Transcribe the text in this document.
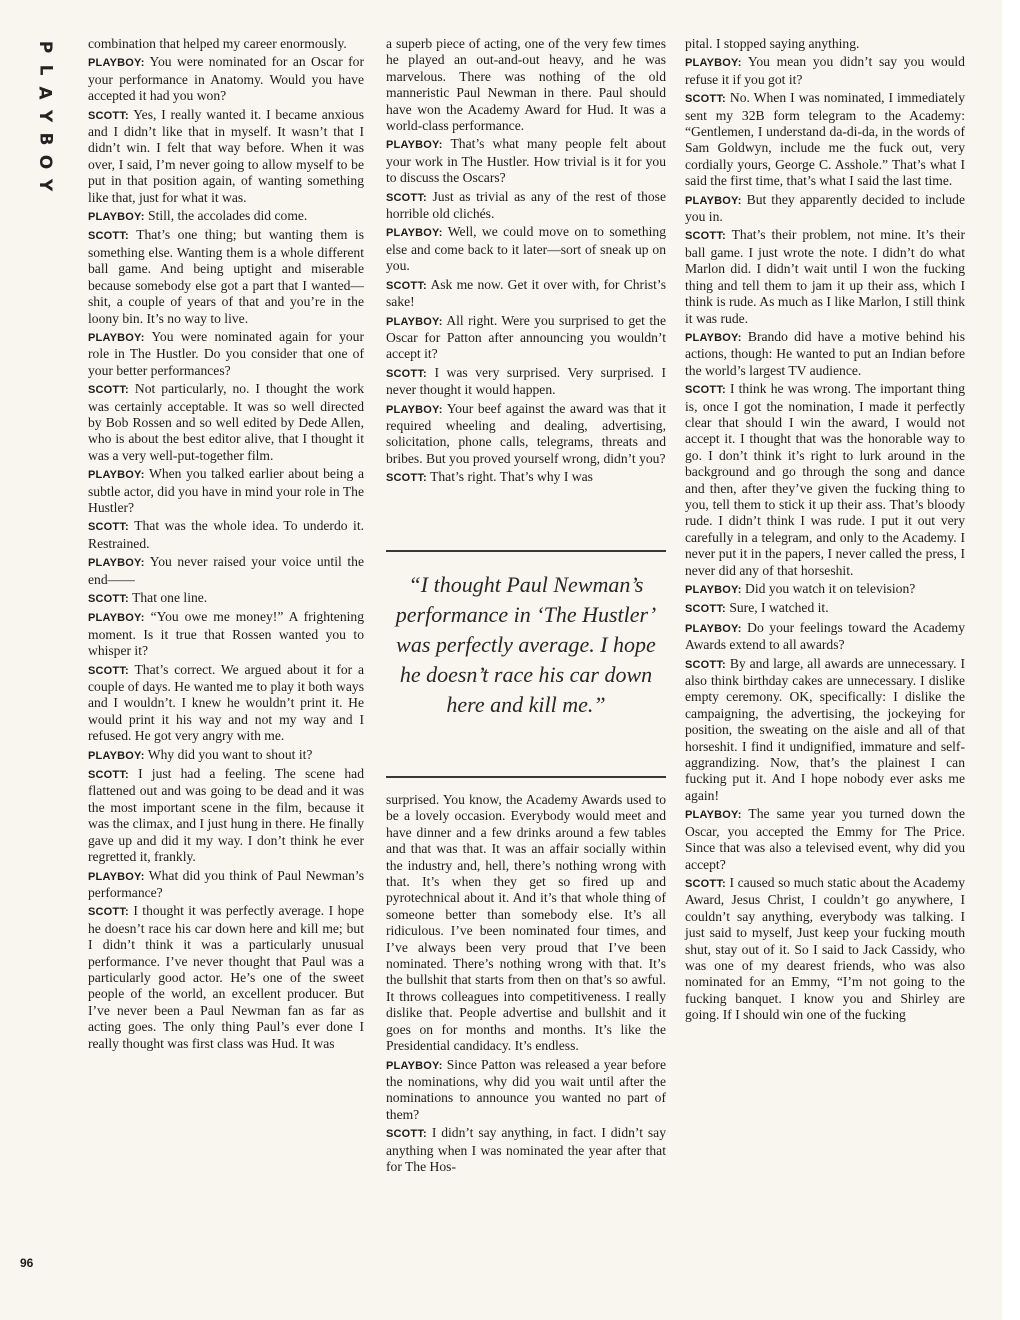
P
L
A
Y
B
O
Y
96

combination that helped my career enormously.

PLAYBOY: You were nominated for an Oscar for your performance in Anatomy. Would you have accepted it had you won?

SCOTT: Yes, I really wanted it. I became anxious and I didn’t like that in myself. It wasn’t that I didn’t win. I felt that way before. When it was over, I said, I’m never going to allow myself to be put in that position again, of wanting something like that, just for what it was.

PLAYBOY: Still, the accolades did come.

SCOTT: That’s one thing; but wanting them is something else. Wanting them is a whole different ball game. And being uptight and miserable because somebody else got a part that I wanted—shit, a couple of years of that and you’re in the loony bin. It’s no way to live.

PLAYBOY: You were nominated again for your role in The Hustler. Do you consider that one of your better performances?

SCOTT: Not particularly, no. I thought the work was certainly acceptable. It was so well directed by Bob Rossen and so well edited by Dede Allen, who is about the best editor alive, that I thought it was a very well-put-together film.

PLAYBOY: When you talked earlier about being a subtle actor, did you have in mind your role in The Hustler?

SCOTT: That was the whole idea. To underdo it. Restrained.

PLAYBOY: You never raised your voice until the end——

SCOTT: That one line.

PLAYBOY: “You owe me money!” A frightening moment. Is it true that Rossen wanted you to whisper it?

SCOTT: That’s correct. We argued about it for a couple of days. He wanted me to play it both ways and I wouldn’t. I knew he wouldn’t print it. He would print it his way and not my way and I refused. He got very angry with me.

PLAYBOY: Why did you want to shout it?

SCOTT: I just had a feeling. The scene had flattened out and was going to be dead and it was the most important scene in the film, because it was the climax, and I just hung in there. He finally gave up and did it my way. I don’t think he ever regretted it, frankly.

PLAYBOY: What did you think of Paul Newman’s performance?

SCOTT: I thought it was perfectly average. I hope he doesn’t race his car down here and kill me; but I didn’t think it was a particularly unusual performance. I’ve never thought that Paul was a particularly good actor. He’s one of the sweet people of the world, an excellent producer. But I’ve never been a Paul Newman fan as far as acting goes. The only thing Paul’s ever done I really thought was first class was Hud. It was

a superb piece of acting, one of the very few times he played an out-and-out heavy, and he was marvelous. There was nothing of the old manneristic Paul Newman in there. Paul should have won the Academy Award for Hud. It was a world-class performance.

PLAYBOY: That’s what many people felt about your work in The Hustler. How trivial is it for you to discuss the Oscars?

SCOTT: Just as trivial as any of the rest of those horrible old clichés.

PLAYBOY: Well, we could move on to something else and come back to it later—sort of sneak up on you.

SCOTT: Ask me now. Get it over with, for Christ’s sake!

PLAYBOY: All right. Were you surprised to get the Oscar for Patton after announcing you wouldn’t accept it?

SCOTT: I was very surprised. Very surprised. I never thought it would happen.

PLAYBOY: Your beef against the award was that it required wheeling and dealing, advertising, solicitation, phone calls, telegrams, threats and bribes. But you proved yourself wrong, didn’t you?

SCOTT: That’s right. That’s why I was

“I thought Paul Newman’s performance in ‘The Hustler’ was perfectly average. I hope he doesn’t race his car down here and kill me.”

surprised. You know, the Academy Awards used to be a lovely occasion. Everybody would meet and have dinner and a few drinks around a few tables and that was that. It was an affair socially within the industry and, hell, there’s nothing wrong with that. It’s when they get so fired up and pyrotechnical about it. And it’s that whole thing of someone better than somebody else. It’s all ridiculous. I’ve been nominated four times, and I’ve always been very proud that I’ve been nominated. There’s nothing wrong with that. It’s the bullshit that starts from then on that’s so awful. It throws colleagues into competitiveness. I really dislike that. People advertise and bullshit and it goes on for months and months. It’s like the Presidential candidacy. It’s endless.

PLAYBOY: Since Patton was released a year before the nominations, why did you wait until after the nominations to announce you wanted no part of them?

SCOTT: I didn’t say anything, in fact. I didn’t say anything when I was nominated the year after that for The Hos-

pital. I stopped saying anything.

PLAYBOY: You mean you didn’t say you would refuse it if you got it?

SCOTT: No. When I was nominated, I immediately sent my 32B form telegram to the Academy: “Gentlemen, I understand da-di-da, in the words of Sam Goldwyn, include me the fuck out, very cordially yours, George C. Asshole.” That’s what I said the first time, that’s what I said the last time.

PLAYBOY: But they apparently decided to include you in.

SCOTT: That’s their problem, not mine. It’s their ball game. I just wrote the note. I didn’t do what Marlon did. I didn’t wait until I won the fucking thing and tell them to jam it up their ass, which I think is rude. As much as I like Marlon, I still think it was rude.

PLAYBOY: Brando did have a motive behind his actions, though: He wanted to put an Indian before the world’s largest TV audience.

SCOTT: I think he was wrong. The important thing is, once I got the nomination, I made it perfectly clear that should I win the award, I would not accept it. I thought that was the honorable way to go. I don’t think it’s right to lurk around in the background and go through the song and dance and then, after they’ve given the fucking thing to you, tell them to stick it up their ass. That’s bloody rude. I didn’t think I was rude. I put it out very carefully in a telegram, and only to the Academy. I never put it in the papers, I never called the press, I never did any of that horseshit.

PLAYBOY: Did you watch it on television?

SCOTT: Sure, I watched it.

PLAYBOY: Do your feelings toward the Academy Awards extend to all awards?

SCOTT: By and large, all awards are unnecessary. I also think birthday cakes are unnecessary. I dislike empty ceremony. OK, specifically: I dislike the campaigning, the advertising, the jockeying for position, the sweating on the aisle and all of that horseshit. I find it undignified, immature and self-aggrandizing. Now, that’s the plainest I can fucking put it. And I hope nobody ever asks me again!

PLAYBOY: The same year you turned down the Oscar, you accepted the Emmy for The Price. Since that was also a televised event, why did you accept?

SCOTT: I caused so much static about the Academy Award, Jesus Christ, I couldn’t go anywhere, I couldn’t say anything, everybody was talking. I just said to myself, Just keep your fucking mouth shut, stay out of it. So I said to Jack Cassidy, who was one of my dearest friends, who was also nominated for an Emmy, “I’m not going to the fucking banquet. I know you and Shirley are going. If I should win one of the fucking
